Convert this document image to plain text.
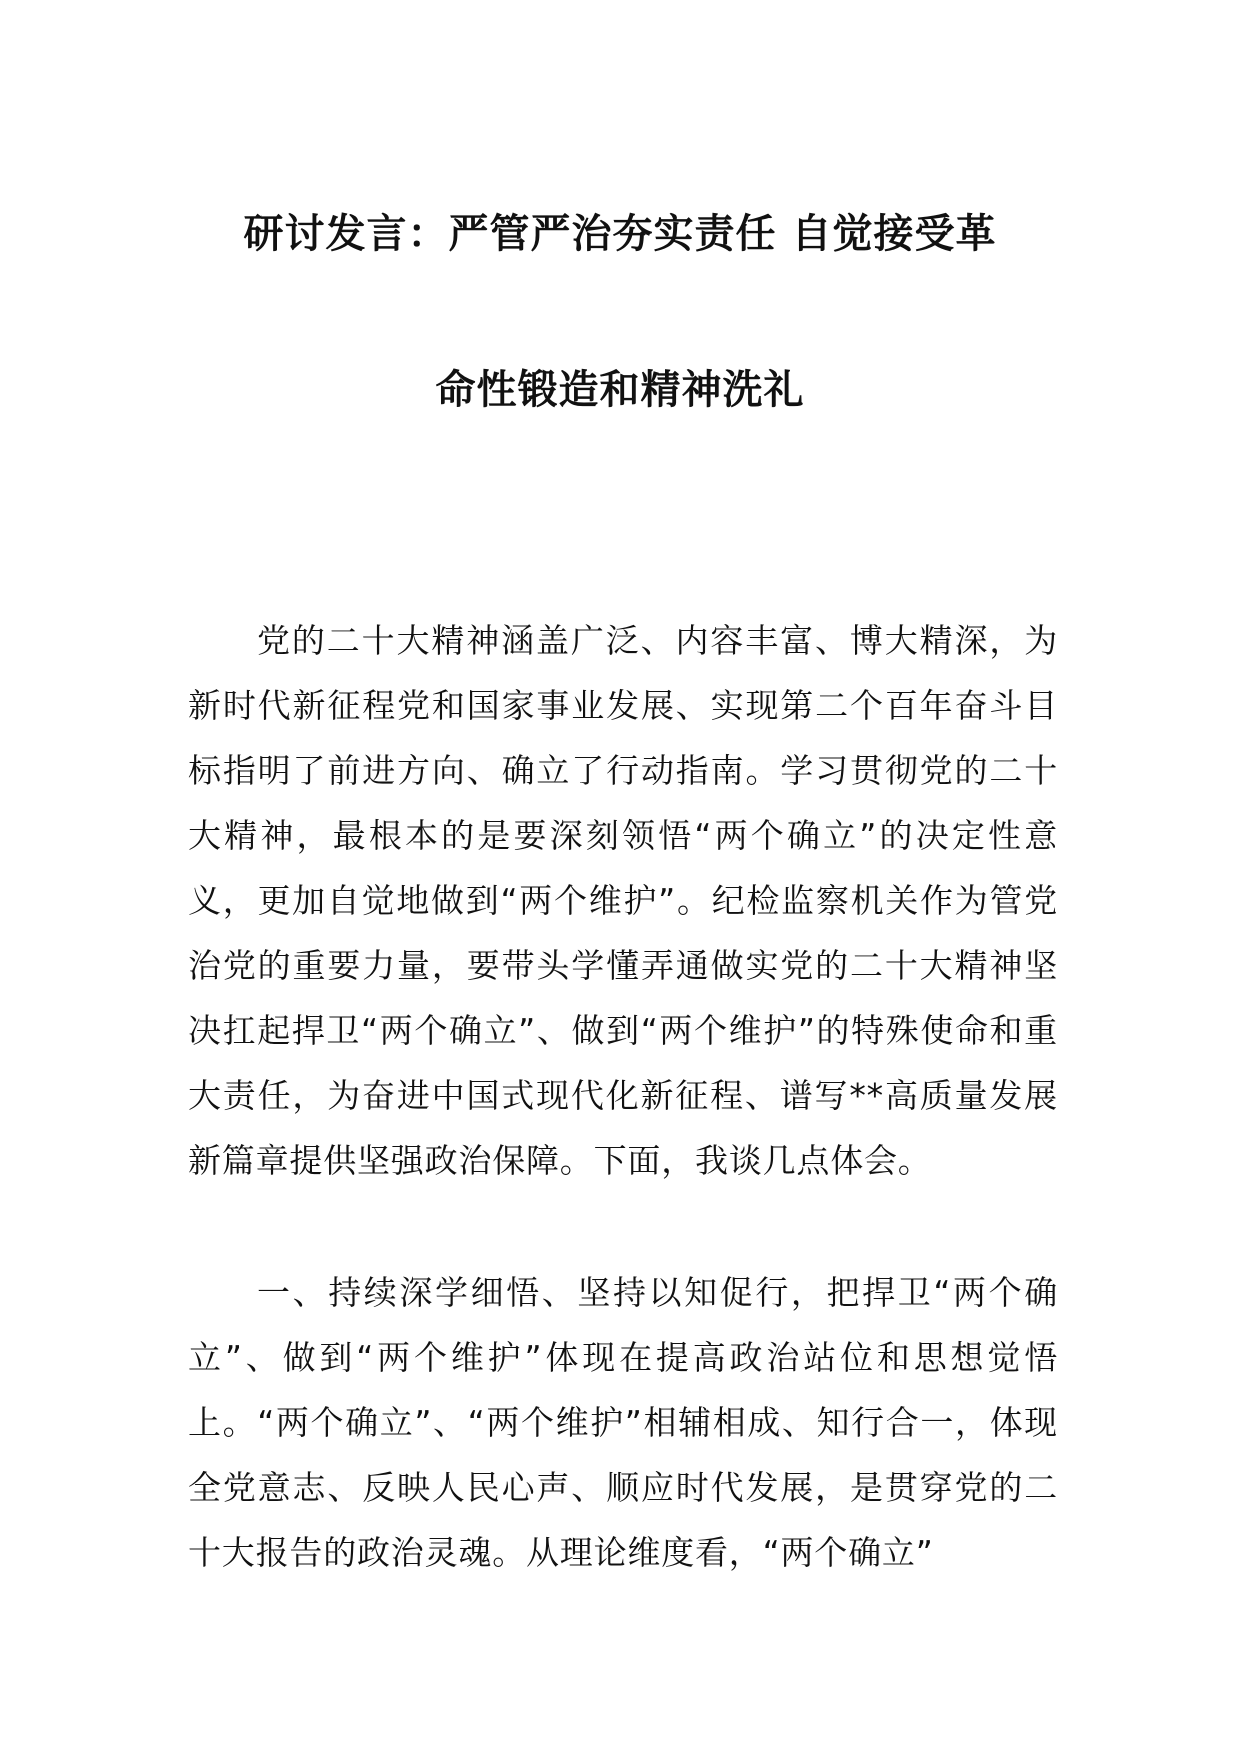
研讨发言：严管严治夯实责任 自觉接受革
命性锻造和精神洗礼

党的二十大精神涵盖广泛、内容丰富、博大精深，为新时代新征程党和国家事业发展、实现第二个百年奋斗目标指明了前进方向、确立了行动指南。学习贯彻党的二十大精神，最根本的是要深刻领悟“两个确立”的决定性意义，更加自觉地做到“两个维护”。纪检监察机关作为管党治党的重要力量，要带头学懂弄通做实党的二十大精神坚决扛起捍卫“两个确立”、做到“两个维护”的特殊使命和重大责任，为奋进中国式现代化新征程、谱写**高质量发展新篇章提供坚强政治保障。下面，我谈几点体会。

一、持续深学细悟、坚持以知促行，把捍卫“两个确立”、做到“两个维护”体现在提高政治站位和思想觉悟上。“两个确立”、“两个维护”相辅相成、知行合一，体现全党意志、反映人民心声、顺应时代发展，是贯穿党的二十大报告的政治灵魂。从理论维度看，“两个确立”
